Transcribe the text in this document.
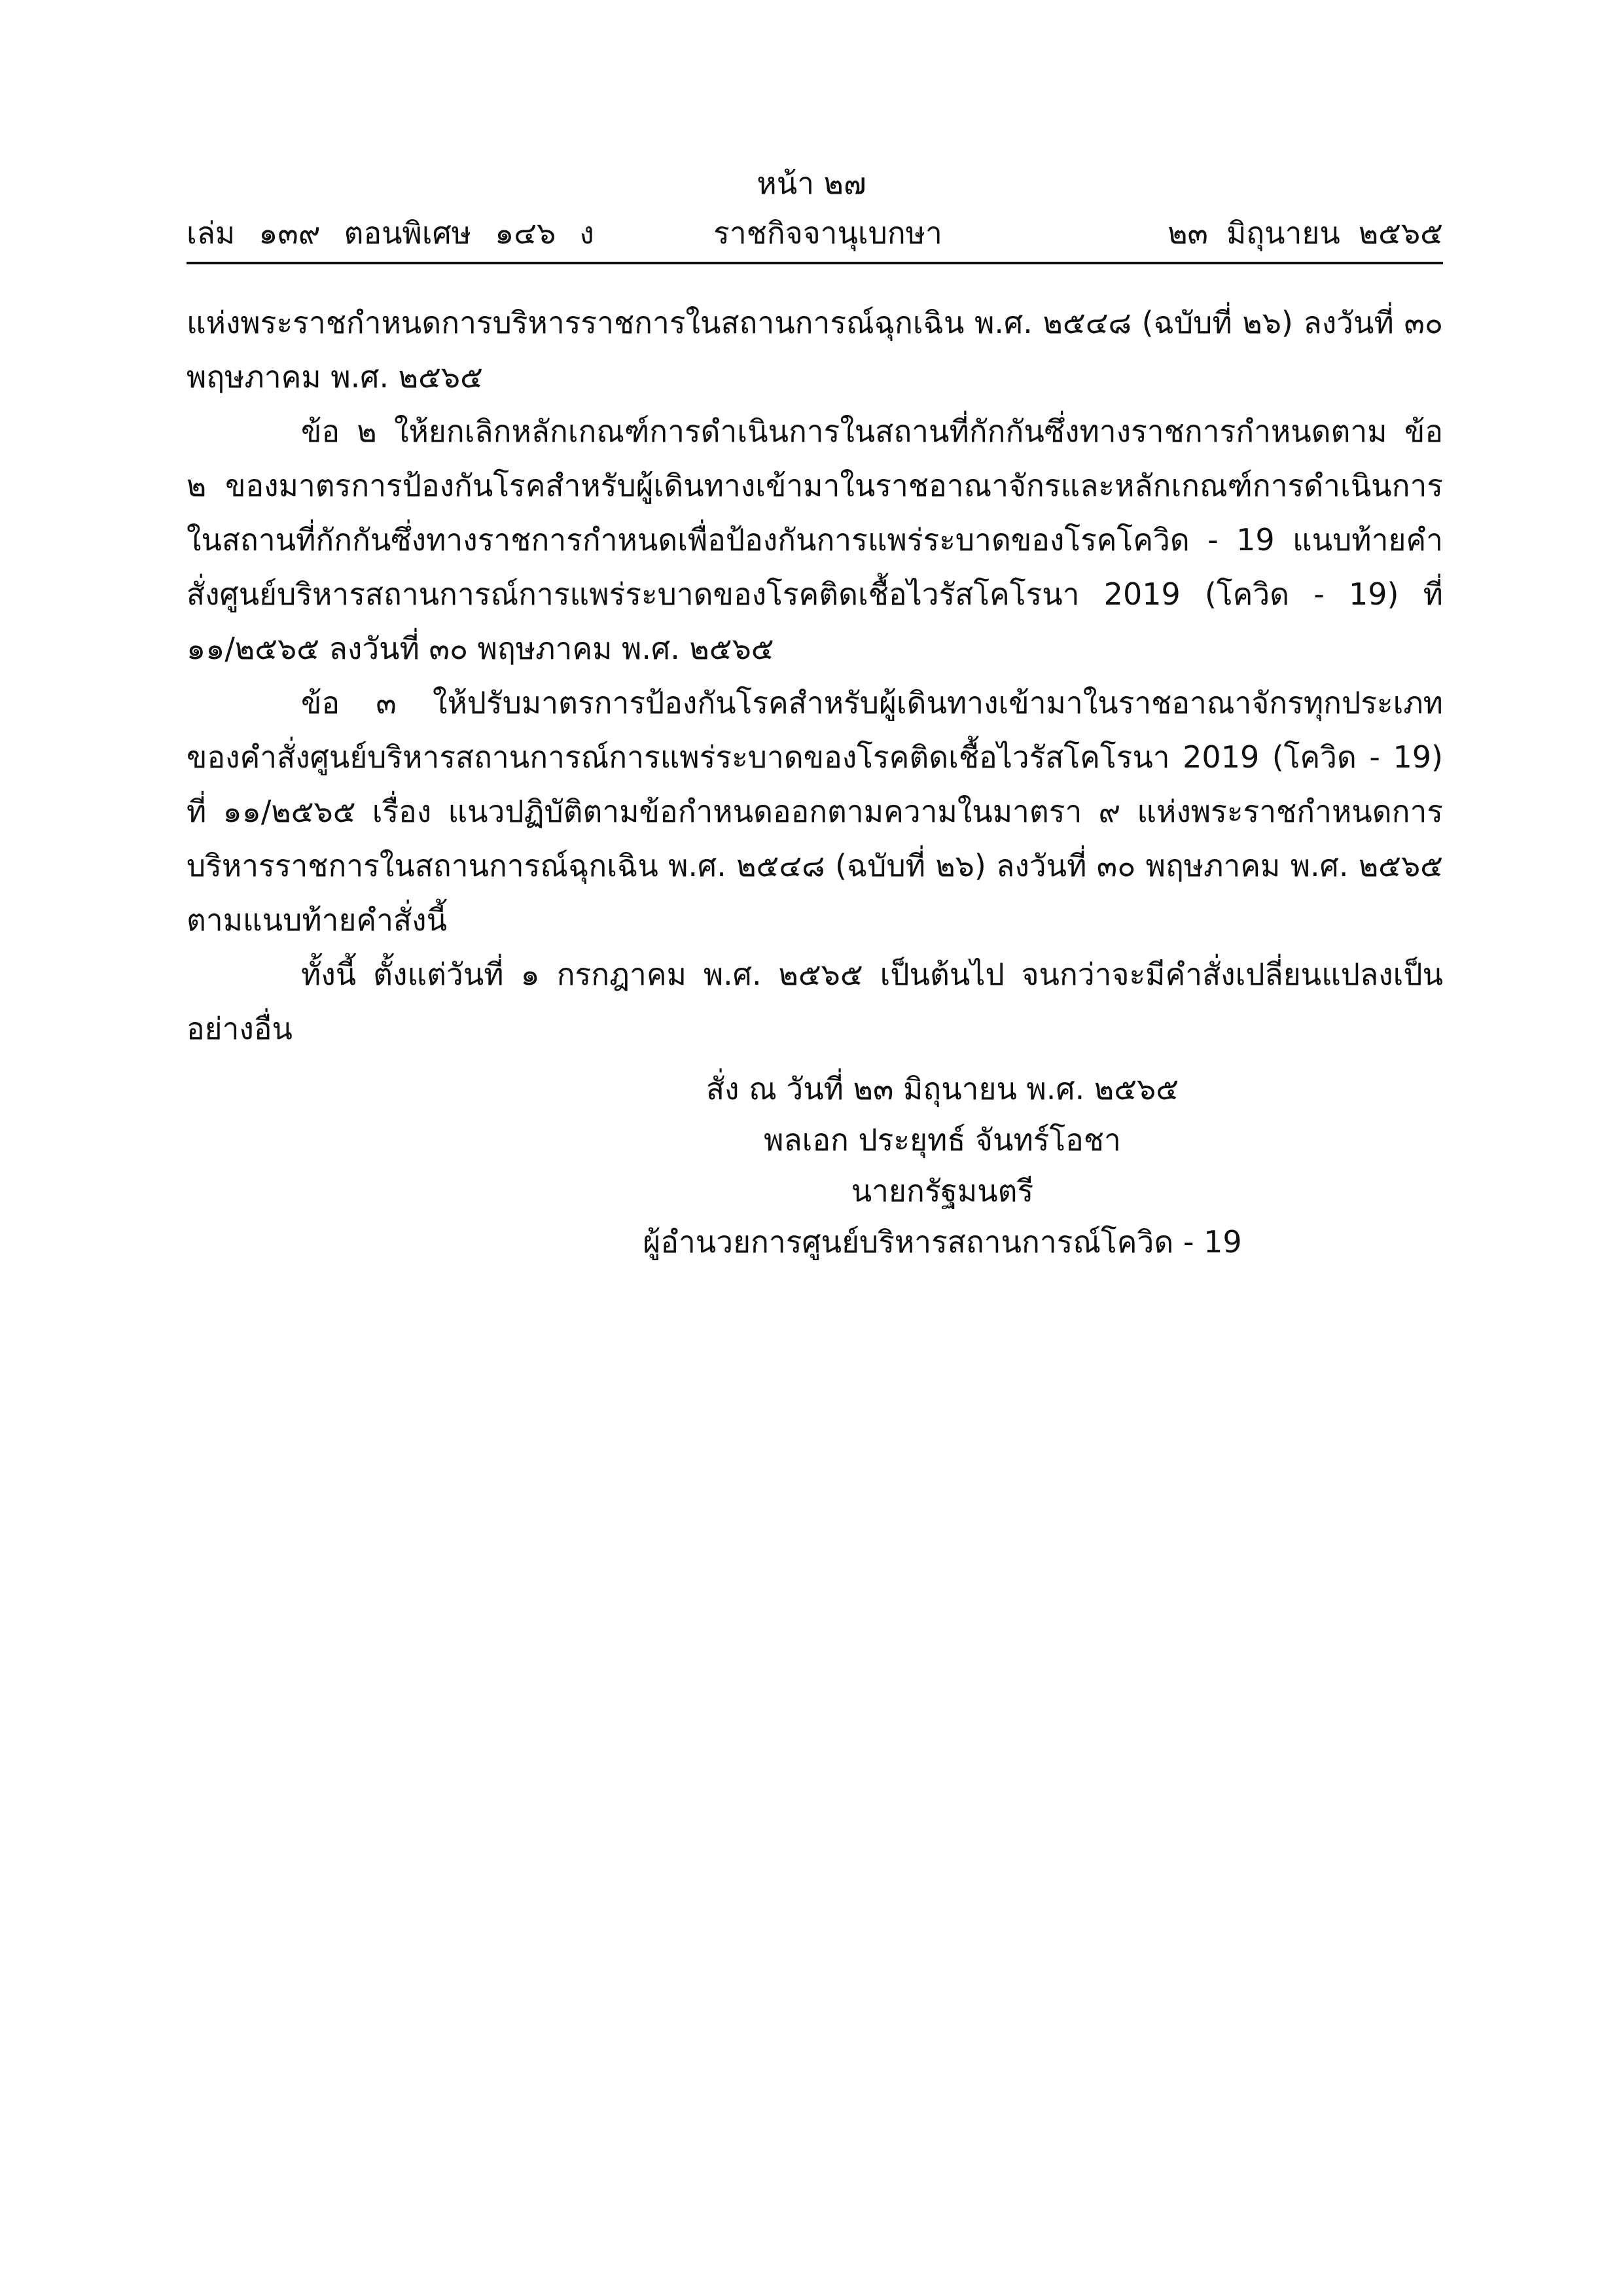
หน้า ๒๗
เล่ม ๑๓๙ ตอนพิเศษ ๑๔๖ ง	ราชกิจจานุเบกษา	๒๓ มิถุนายน ๒๕๖๕

แห่งพระราชกำหนดการบริหารราชการในสถานการณ์ฉุกเฉิน พ.ศ. ๒๕๔๘ (ฉบับที่ ๒๖) ลงวันที่ ๓๐ พฤษภาคม พ.ศ. ๒๕๖๕

ข้อ ๒ ให้ยกเลิกหลักเกณฑ์การดำเนินการในสถานที่กักกันซึ่งทางราชการกำหนดตาม ข้อ ๒ ของมาตรการป้องกันโรคสำหรับผู้เดินทางเข้ามาในราชอาณาจักรและหลักเกณฑ์การดำเนินการในสถานที่กักกันซึ่งทางราชการกำหนดเพื่อป้องกันการแพร่ระบาดของโรคโควิด - 19 แนบท้ายคำสั่งศูนย์บริหารสถานการณ์การแพร่ระบาดของโรคติดเชื้อไวรัสโคโรนา 2019 (โควิด - 19) ที่ ๑๑/๒๕๖๕ ลงวันที่ ๓๐ พฤษภาคม พ.ศ. ๒๕๖๕

ข้อ ๓ ให้ปรับมาตรการป้องกันโรคสำหรับผู้เดินทางเข้ามาในราชอาณาจักรทุกประเภทของคำสั่งศูนย์บริหารสถานการณ์การแพร่ระบาดของโรคติดเชื้อไวรัสโคโรนา 2019 (โควิด - 19) ที่ ๑๑/๒๕๖๕ เรื่อง แนวปฏิบัติตามข้อกำหนดออกตามความในมาตรา ๙ แห่งพระราชกำหนดการบริหารราชการในสถานการณ์ฉุกเฉิน พ.ศ. ๒๕๔๘ (ฉบับที่ ๒๖) ลงวันที่ ๓๐ พฤษภาคม พ.ศ. ๒๕๖๕ ตามแนบท้ายคำสั่งนี้

ทั้งนี้ ตั้งแต่วันที่ ๑ กรกฎาคม พ.ศ. ๒๕๖๕ เป็นต้นไป จนกว่าจะมีคำสั่งเปลี่ยนแปลงเป็นอย่างอื่น

สั่ง ณ วันที่ ๒๓ มิถุนายน พ.ศ. ๒๕๖๕
พลเอก ประยุทธ์ จันทร์โอชา
นายกรัฐมนตรี
ผู้อำนวยการศูนย์บริหารสถานการณ์โควิด - 19
